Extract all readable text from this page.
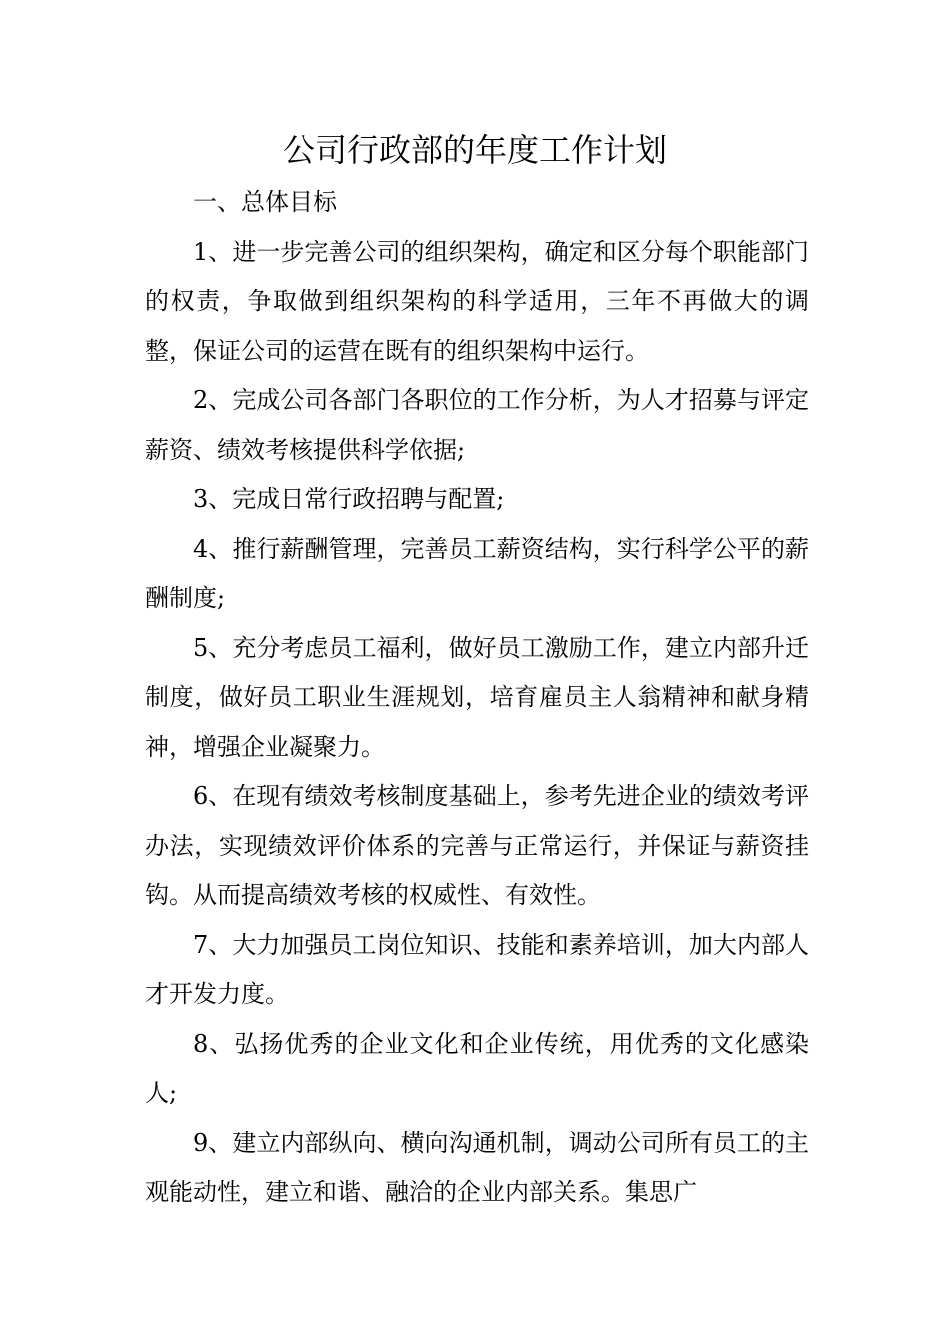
公司行政部的年度工作计划

一、总体目标

1、进一步完善公司的组织架构，确定和区分每个职能部门的权责，争取做到组织架构的科学适用，三年不再做大的调整，保证公司的运营在既有的组织架构中运行。

2、完成公司各部门各职位的工作分析，为人才招募与评定薪资、绩效考核提供科学依据;

3、完成日常行政招聘与配置;

4、推行薪酬管理，完善员工薪资结构，实行科学公平的薪酬制度;

5、充分考虑员工福利，做好员工激励工作，建立内部升迁制度，做好员工职业生涯规划，培育雇员主人翁精神和献身精神，增强企业凝聚力。

6、在现有绩效考核制度基础上，参考先进企业的绩效考评办法，实现绩效评价体系的完善与正常运行，并保证与薪资挂钩。从而提高绩效考核的权威性、有效性。

7、大力加强员工岗位知识、技能和素养培训，加大内部人才开发力度。

8、弘扬优秀的企业文化和企业传统，用优秀的文化感染人;

9、建立内部纵向、横向沟通机制，调动公司所有员工的主观能动性，建立和谐、融洽的企业内部关系。集思广
